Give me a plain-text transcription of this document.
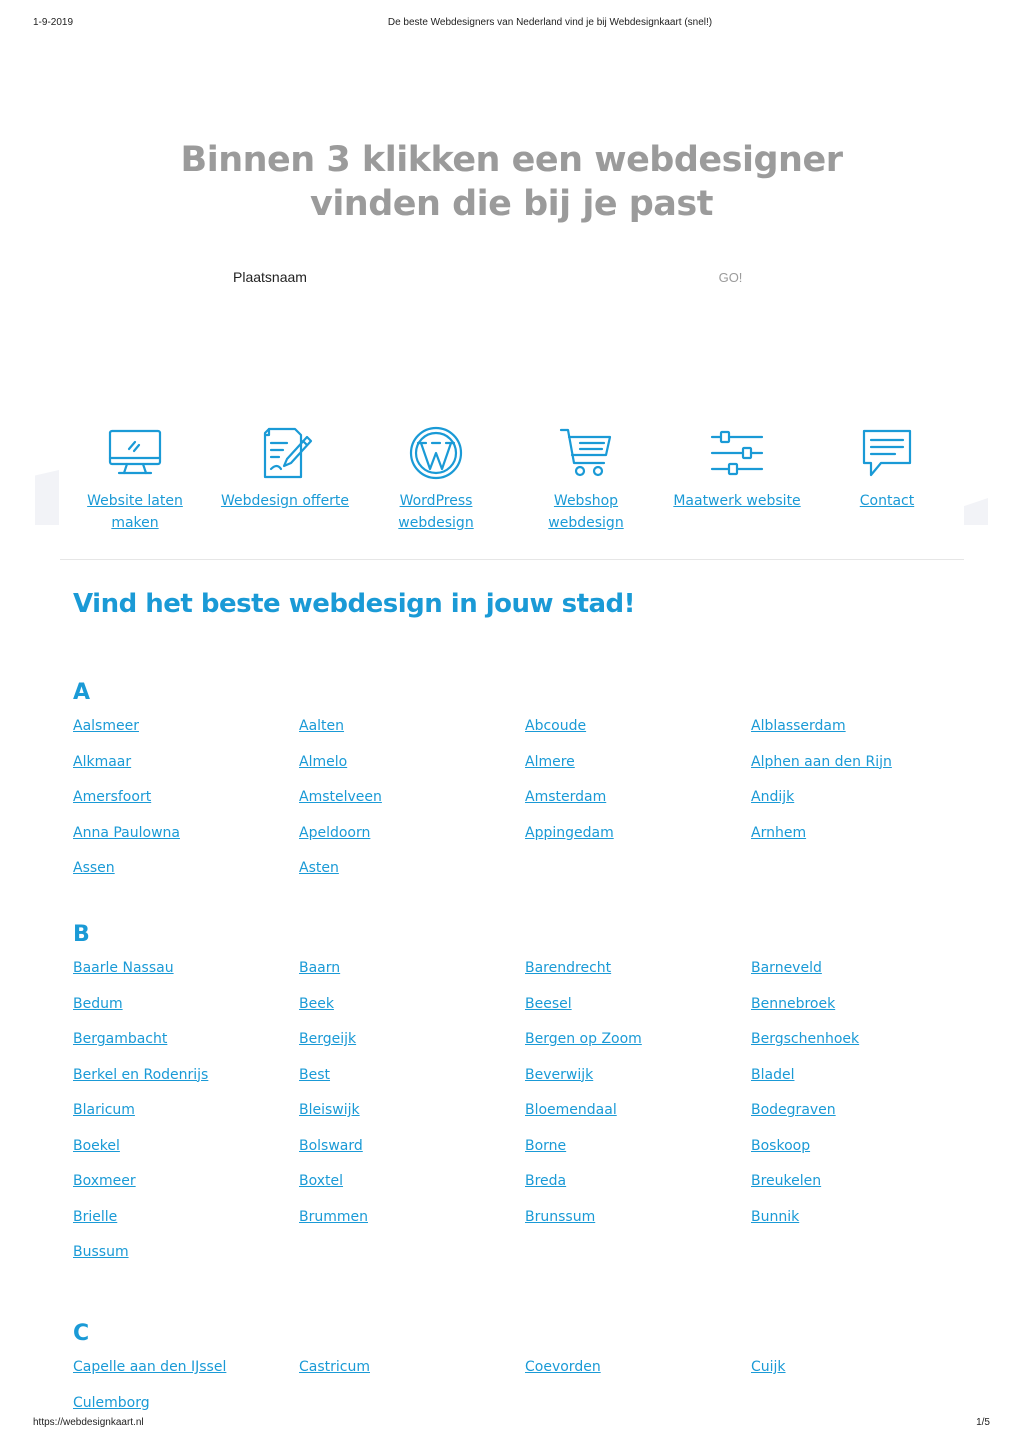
1-9-2019	De beste Webdesigners van Nederland vind je bij Webdesignkaart (snel!)
Binnen 3 klikken een webdesigner
vinden die bij je past
Plaatsnaam
GO!
Website laten
maken
Webdesign offerte	WordPress
webdesign
Webshop
webdesign
Maatwerk website	Contact

Vind het beste webdesign in jouw stad!
A
Aalsmeer	Aalten	Abcoude	Alblasserdam
Alkmaar	Almelo	Almere	Alphen aan den Rijn
Amersfoort	Amstelveen	Amsterdam	Andijk
Anna Paulowna	Apeldoorn	Appingedam	Arnhem
Assen	Asten
B
Baarle Nassau	Baarn	Barendrecht	Barneveld
Bedum	Beek	Beesel	Bennebroek
Bergambacht	Bergeijk	Bergen op Zoom	Bergschenhoek
Berkel en Rodenrijs	Best	Beverwijk	Bladel
Blaricum	Bleiswijk	Bloemendaal	Bodegraven
Boekel	Bolsward	Borne	Boskoop
Boxmeer	Boxtel	Breda	Breukelen
Brielle	Brummen	Brunssum	Bunnik
Bussum
C
Capelle aan den IJssel	Castricum	Coevorden	Cuijk
Culemborg
https://webdesignkaart.nl	1/5
